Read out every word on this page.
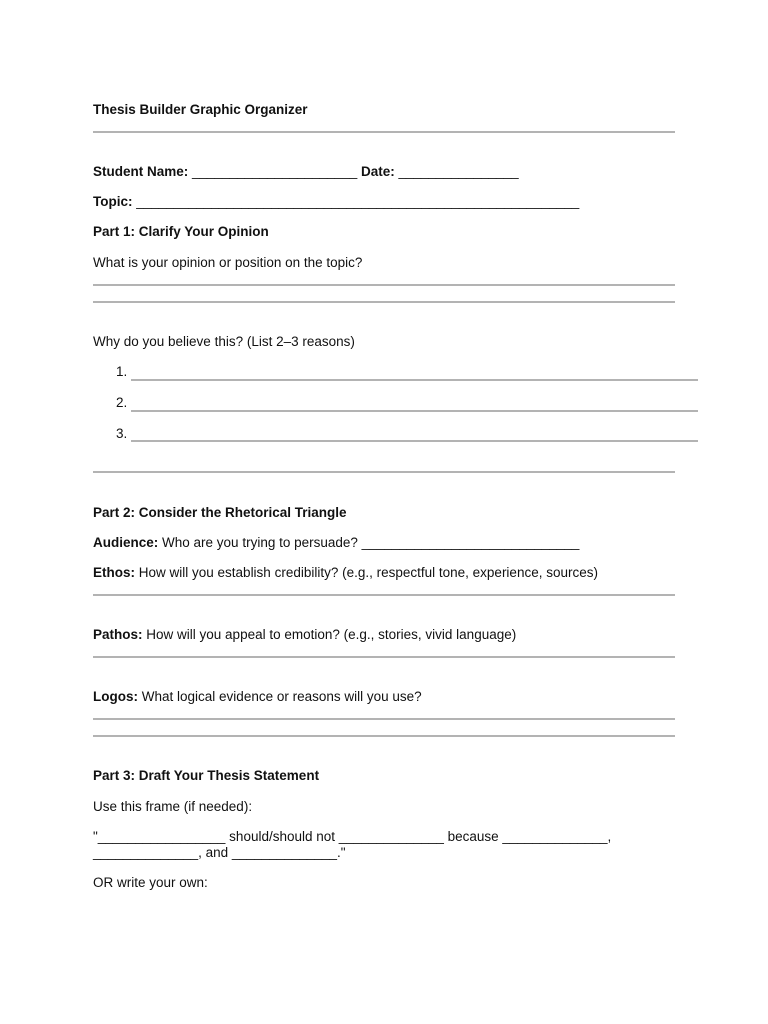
Thesis Builder Graphic Organizer
Student Name: ______________________ Date: ________________
Topic: ___________________________________________________________
Part 1: Clarify Your Opinion
What is your opinion or position on the topic?
Why do you believe this? (List 2–3 reasons)
1.
2.
3.
Part 2: Consider the Rhetorical Triangle
Audience: Who are you trying to persuade? _____________________________
Ethos: How will you establish credibility? (e.g., respectful tone, experience, sources)
Pathos: How will you appeal to emotion? (e.g., stories, vivid language)
Logos: What logical evidence or reasons will you use?
Part 3: Draft Your Thesis Statement
Use this frame (if needed):
"_________________ should/should not ______________ because ______________,
______________, and ______________."
OR write your own:
